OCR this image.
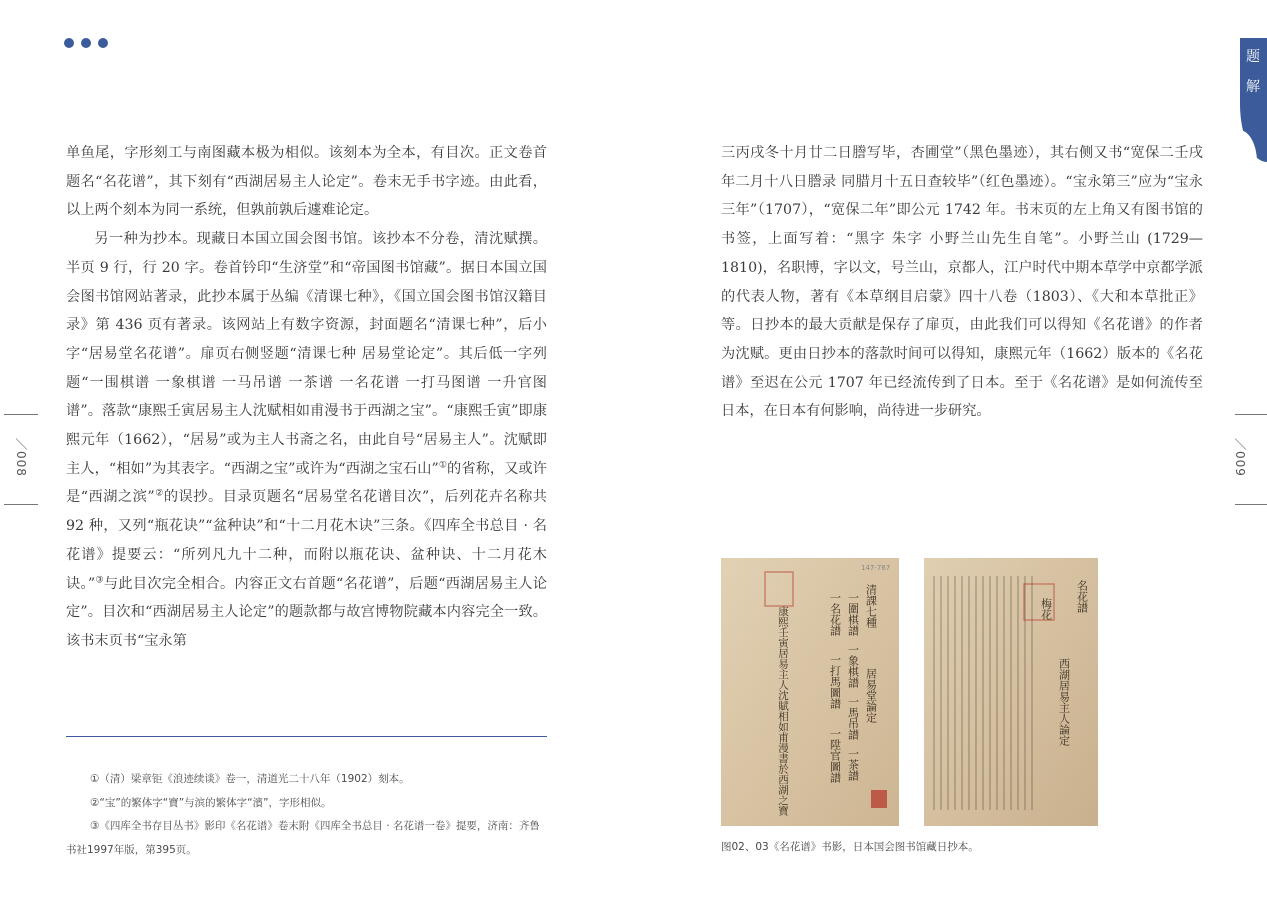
题
解

单鱼尾，字形刻工与南图藏本极为相似。该刻本为全本，有目次。正文卷首题名“名花谱”，其下刻有“西湖居易主人论定”。卷末无手书字迹。由此看，以上两个刻本为同一系统，但孰前孰后遽难论定。

另一种为抄本。现藏日本国立国会图书馆。该抄本不分卷，清沈赋撰。半页 9 行，行 20 字。卷首钤印“生济堂”和“帝国图书馆藏”。据日本国立国会图书馆网站著录，此抄本属于丛编《清课七种》，《国立国会图书馆汉籍目录》第 436 页有著录。该网站上有数字资源，封面题名“清课七种”，后小字“居易堂名花谱”。扉页右侧竖题“清课七种 居易堂论定”。其后低一字列题“一围棋谱 一象棋谱 一马吊谱 一茶谱 一名花谱 一打马图谱 一升官图谱”。落款“康熙壬寅居易主人沈赋相如甫漫书于西湖之宝”。“康熙壬寅”即康熙元年（1662），“居易”或为主人书斋之名，由此自号“居易主人”。沈赋即主人，“相如”为其表字。“西湖之宝”或许为“西湖之宝石山”①的省称，又或许是“西湖之滨”②的误抄。目录页题名“居易堂名花谱目次”，后列花卉名称共 92 种，又列“瓶花诀”“盆种诀”和“十二月花木诀”三条。《四库全书总目 · 名花谱》提要云：“所列凡九十二种，而附以瓶花诀、盆种诀、十二月花木诀。”③与此目次完全相合。内容正文右首题“名花谱”，后题“西湖居易主人论定”。目次和“西湖居易主人论定”的题款都与故宫博物院藏本内容完全一致。该书末页书“宝永第

①（清）梁章钜《浪迹续谈》卷一，清道光二十八年（1902）刻本。

②“宝”的繁体字“寶”与滨的繁体字“濱”，字形相似。

③《四库全书存目丛书》影印《名花谱》卷末附《四库全书总目 · 名花谱一卷》提要，济南：齐鲁书社1997年版，第395页。

三丙戌冬十月廿二日謄写毕，杏圃堂”（黑色墨迹），其右侧又书“宽保二壬戌年二月十八日謄录 同腊月十五日查较毕”（红色墨迹）。“宝永第三”应为“宝永三年”（1707），“宽保二年”即公元 1742 年。书末页的左上角又有图书馆的书签，上面写着：“黑字 朱字 小野兰山先生自笔”。小野兰山 (1729—1810)，名职博，字以文，号兰山，京都人，江户时代中期本草学中京都学派的代表人物，著有《本草纲目启蒙》四十八卷（1803）、《大和本草批正》等。日抄本的最大贡献是保存了扉页，由此我们可以得知《名花谱》的作者为沈赋。更由日抄本的落款时间可以得知，康熙元年（1662）版本的《名花谱》至迟在公元 1707 年已经流传到了日本。至于《名花谱》是如何流传至日本，在日本有何影响，尚待进一步研究。

／008	／009
147-767
清課七種
居易堂論定
一圍棋譜
一象棋譜
一馬吊譜
一茶譜
一名花譜
一打馬圖譜
一陞官圖譜
康熙壬寅居易主人沈賦相如甫漫書於西湖之寶
名花譜
西湖居易主人論定
梅花
图02、03《名花谱》书影，日本国会图书馆藏日抄本。
